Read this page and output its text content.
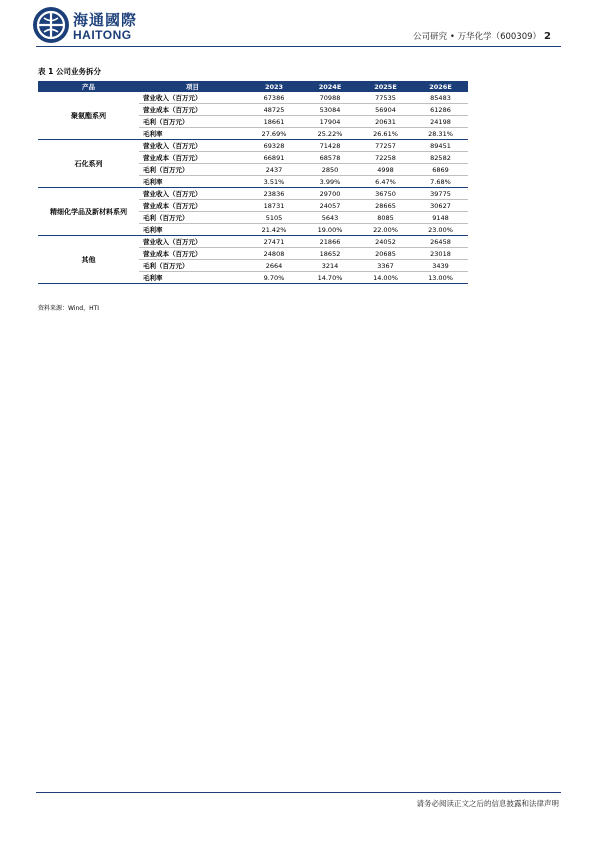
海通國際
HAITONG	公司研究 • 万华化学（600309） 2
表 1 公司业务拆分
产品	项目	2023	2024E	2025E	2026E
聚氨酯系列	营业收入（百万元）	67386	70988	77535	85483
	营业成本（百万元）	48725	53084	56904	61286
	毛利（百万元）	18661	17904	20631	24198
	毛利率	27.69%	25.22%	26.61%	28.31%
石化系列	营业收入（百万元）	69328	71428	77257	89451
	营业成本（百万元）	66891	68578	72258	82582
	毛利（百万元）	2437	2850	4998	6869
	毛利率	3.51%	3.99%	6.47%	7.68%
精细化学品及新材料系列	营业收入（百万元）	23836	29700	36750	39775
	营业成本（百万元）	18731	24057	28665	30627
	毛利（百万元）	5105	5643	8085	9148
	毛利率	21.42%	19.00%	22.00%	23.00%
其他	营业收入（百万元）	27471	21866	24052	26458
	营业成本（百万元）	24808	18652	20685	23018
	毛利（百万元）	2664	3214	3367	3439
	毛利率	9.70%	14.70%	14.00%	13.00%
资料来源：Wind，HTI
请务必阅读正文之后的信息披露和法律声明
